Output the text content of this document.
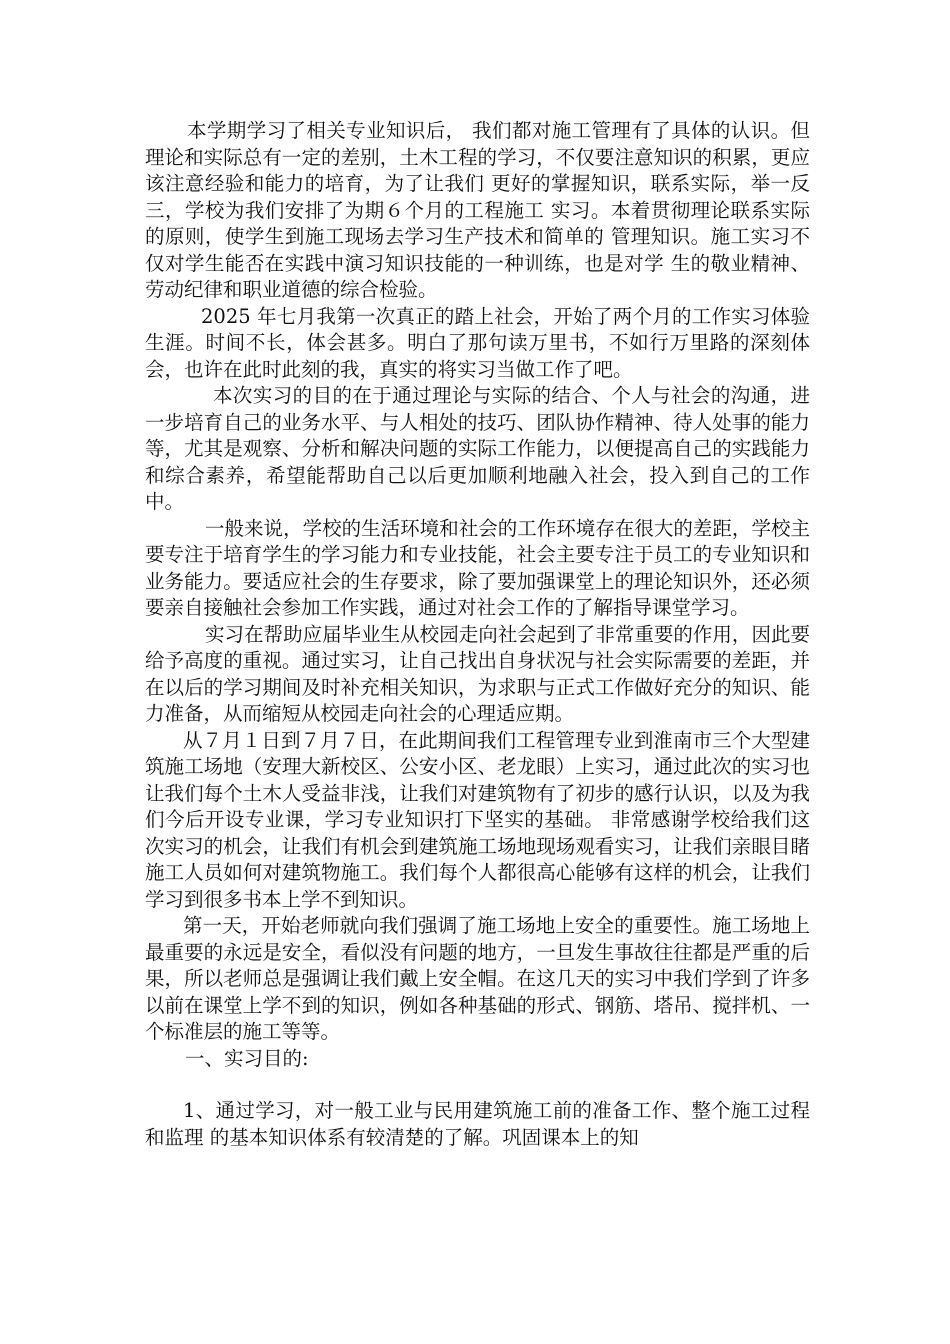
本学期学习了相关专业知识后， 我们都对施工管理有了具体的认识。但理论和实际总有一定的差别，土木工程的学习，不仅要注意知识的积累，更应该注意经验和能力的培育，为了让我们 更好的掌握知识，联系实际，举一反三，学校为我们安排了为期６个月的工程施工 实习。本着贯彻理论联系实际的原则，使学生到施工现场去学习生产技术和简单的 管理知识。施工实习不仅对学生能否在实践中演习知识技能的一种训练，也是对学 生的敬业精神、劳动纪律和职业道德的综合检验。

2025 年七月我第一次真正的踏上社会，开始了两个月的工作实习体验生涯。时间不长，体会甚多。明白了那句读万里书，不如行万里路的深刻体会，也许在此时此刻的我，真实的将实习当做工作了吧。

本次实习的目的在于通过理论与实际的结合、个人与社会的沟通，进一步培育自己的业务水平、与人相处的技巧、团队协作精神、待人处事的能力等，尤其是观察、分析和解决问题的实际工作能力，以便提高自己的实践能力和综合素养，希望能帮助自己以后更加顺利地融入社会，投入到自己的工作中。

一般来说，学校的生活环境和社会的工作环境存在很大的差距，学校主要专注于培育学生的学习能力和专业技能，社会主要专注于员工的专业知识和业务能力。要适应社会的生存要求，除了要加强课堂上的理论知识外，还必须要亲自接触社会参加工作实践，通过对社会工作的了解指导课堂学习。

实习在帮助应届毕业生从校园走向社会起到了非常重要的作用，因此要给予高度的重视。通过实习，让自己找出自身状况与社会实际需要的差距，并在以后的学习期间及时补充相关知识，为求职与正式工作做好充分的知识、能力准备，从而缩短从校园走向社会的心理适应期。

从７月１日到７月７日，在此期间我们工程管理专业到淮南市三个大型建筑施工场地（安理大新校区、公安小区、老龙眼）上实习，通过此次的实习也让我们每个土木人受益非浅，让我们对建筑物有了初步的感行认识，以及为我们今后开设专业课，学习专业知识打下坚实的基础。 非常感谢学校给我们这次实习的机会，让我们有机会到建筑施工场地现场观看实习，让我们亲眼目睹施工人员如何对建筑物施工。我们每个人都很高心能够有这样的机会，让我们学习到很多书本上学不到知识。

第一天，开始老师就向我们强调了施工场地上安全的重要性。施工场地上最重要的永远是安全，看似没有问题的地方，一旦发生事故往往都是严重的后果，所以老师总是强调让我们戴上安全帽。在这几天的实习中我们学到了许多以前在课堂上学不到的知识，例如各种基础的形式、钢筋、塔吊、搅拌机、一个标准层的施工等等。

一、实习目的:

1、通过学习，对一般工业与民用建筑施工前的准备工作、整个施工过程和监理 的基本知识体系有较清楚的了解。巩固课本上的知
